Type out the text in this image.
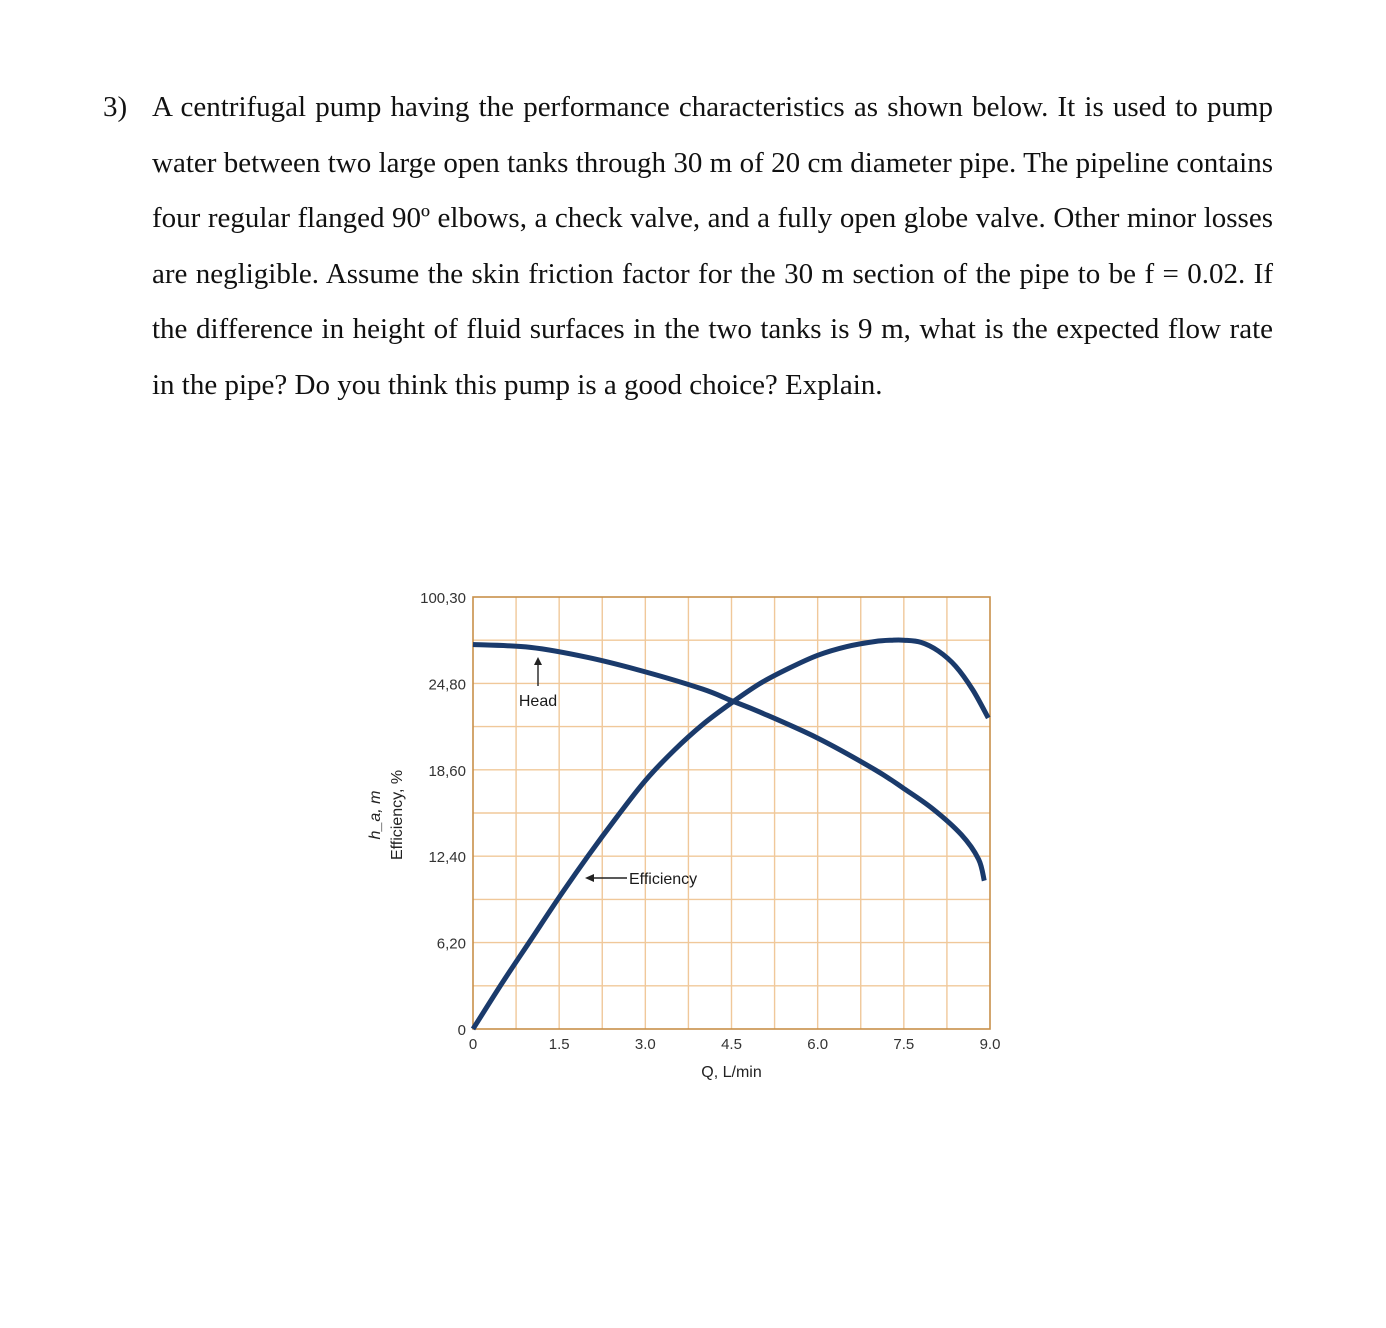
3) A centrifugal pump having the performance characteristics as shown below. It is used to pump water between two large open tanks through 30 m of 20 cm diameter pipe. The pipeline contains four regular flanged 90º elbows, a check valve, and a fully open globe valve. Other minor losses are negligible. Assume the skin friction factor for the 30 m section of the pipe to be f = 0.02. If the difference in height of fluid surfaces in the two tanks is 9 m, what is the expected flow rate in the pipe? Do you think this pump is a good choice? Explain.
0	1.5	3.0	4.5	6.0	7.5	9.0
0
6,20
12,40
18,60
24,80
100,30
Head
Efficiency
Q, L/min
Efficiency, %
h_a, m
